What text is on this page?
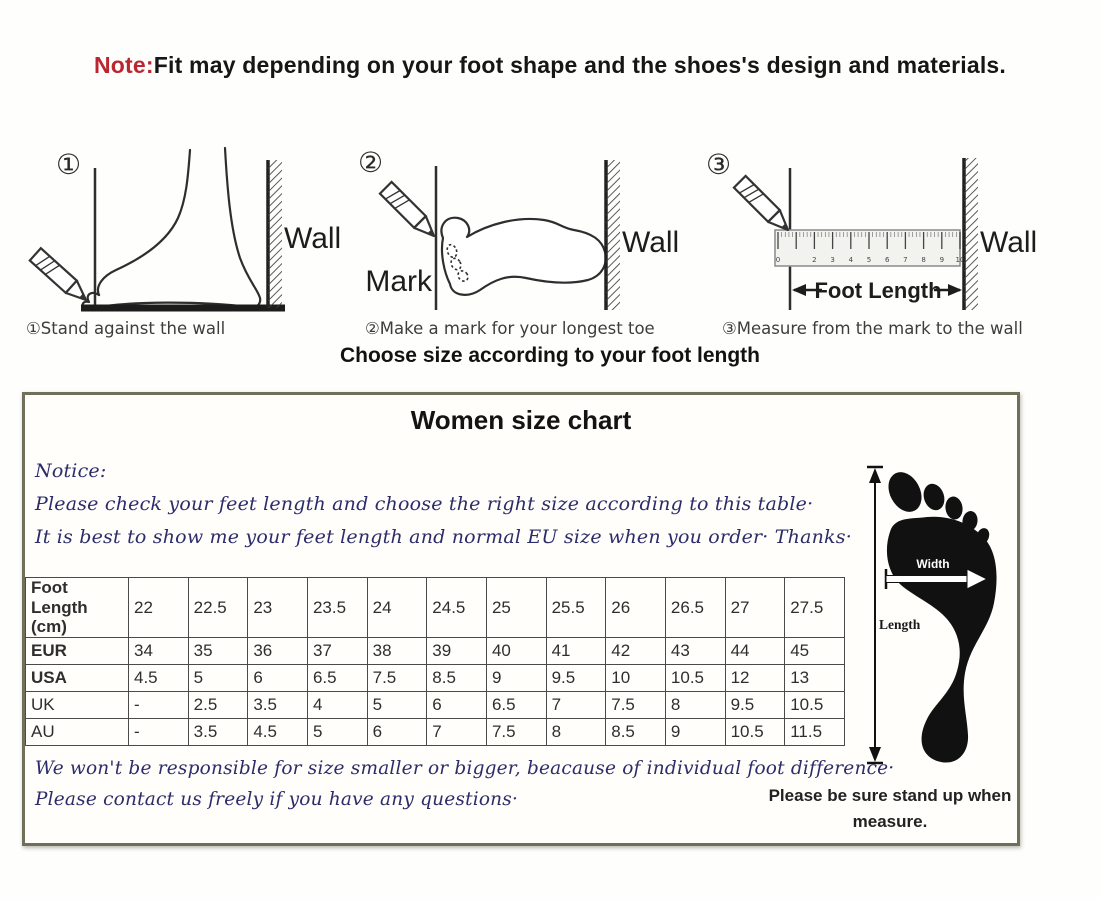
Note:Fit may depending on your foot shape and the shoes's design and materials.
①
Wall
①Stand against the wall
②
Mark
Wall
②Make a mark for your longest toe
③
0	2 3 4 5 6 7 8 9 10
Wall
Foot Length
③Measure from the mark to the wall
Choose size according to your foot length
Women size chart
Notice:
Please check your feet length and choose the right size according to this table·
It is best to show me your feet length and normal EU size when you order· Thanks·
Foot Length (cm)	22	22.5	23	23.5	24	24.5	25	25.5	26	26.5	27	27.5
EUR	34	35	36	37	38	39	40	41	42	43	44	45
USA	4.5	5	6	6.5	7.5	8.5	9	9.5	10	10.5	12	13
UK	-	2.5	3.5	4	5	6	6.5	7	7.5	8	9.5	10.5
AU	-	3.5	4.5	5	6	7	7.5	8	8.5	9	10.5	11.5
Width
Length
We won't be responsible for size smaller or bigger, beacause of individual foot difference·
Please contact us freely if you have any questions·	Please be sure stand up when measure.
